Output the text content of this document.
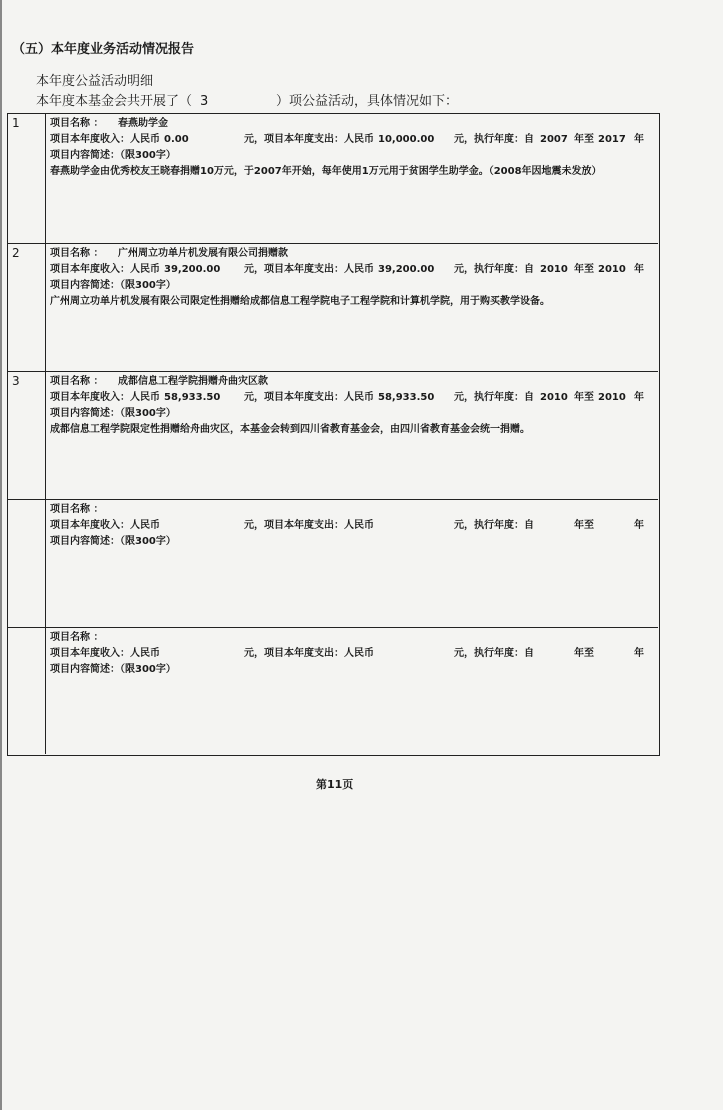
（五）本年度业务活动情况报告
本年度公益活动明细
本年度本基金会共开展了（ 3	）项公益活动，具体情况如下：
1	项目名称 ： 春燕助学金
项目本年度收入：人民币 0.00	元， 项目本年度支出：人民币 10,000.00 元， 执行年度：自 2007 年至 2017 年
项目内容简述：（限300字）
春燕助学金由优秀校友王晓春捐赠10万元，于2007年开始，每年使用1万元用于贫困学生助学金。（2008年因地震未发放）
2	项目名称 ： 广州周立功单片机发展有限公司捐赠款
项目本年度收入：人民币 39,200.00 元， 项目本年度支出：人民币 39,200.00 元， 执行年度：自 2010 年至 2010 年
项目内容简述：（限300字）
广州周立功单片机发展有限公司限定性捐赠给成都信息工程学院电子工程学院和计算机学院，用于购买教学设备。
3	项目名称 ： 成都信息工程学院捐赠舟曲灾区款
项目本年度收入：人民币 58,933.50 元， 项目本年度支出：人民币 58,933.50 元， 执行年度：自 2010 年至 2010 年
项目内容简述：（限300字）
成都信息工程学院限定性捐赠给舟曲灾区，本基金会转到四川省教育基金会，由四川省教育基金会统一捐赠。
项目名称 ：
项目本年度收入：人民币	元， 项目本年度支出：人民币	元， 执行年度：自	年至	年
项目内容简述：（限300字）
项目名称 ：
项目本年度收入：人民币	元， 项目本年度支出：人民币	元， 执行年度：自	年至	年
项目内容简述：（限300字）
第11页
